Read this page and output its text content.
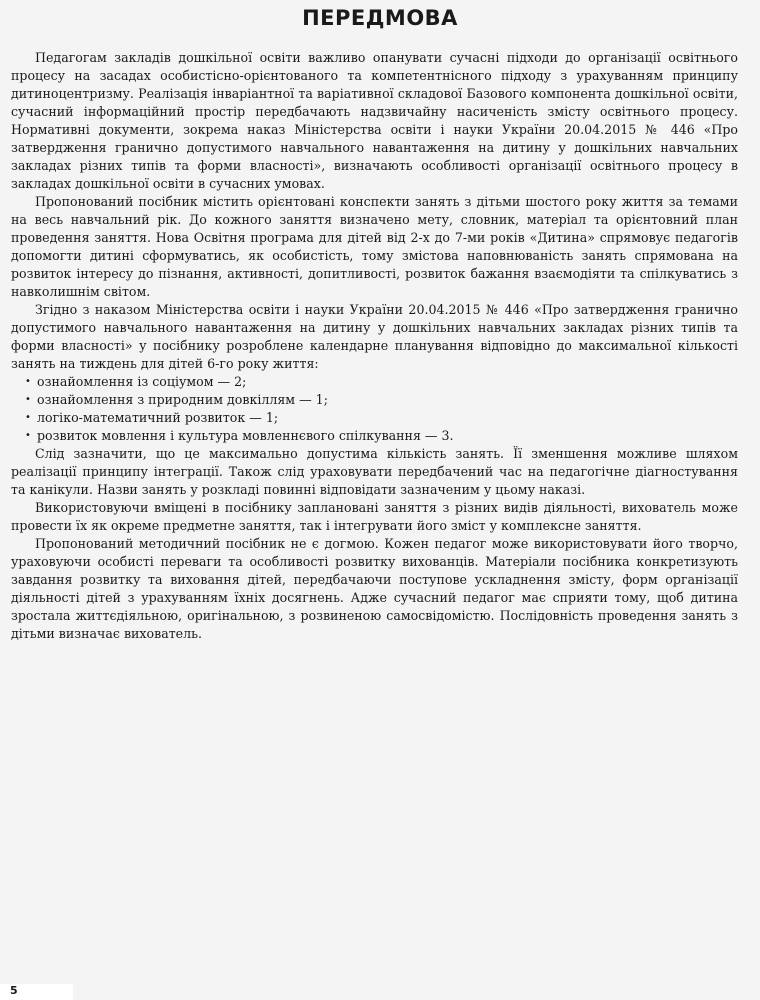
ПЕРЕДМОВА

Педагогам закладів дошкільної освіти важливо опанувати сучасні підходи до організації освітнього процесу на засадах особистісно-орієнтованого та компетентнісного підходу з урахуванням принципу дитиноцентризму. Реалізація інваріантної та варіативної складової Базового компонента дошкільної освіти, сучасний інформаційний простір передбачають надзвичайну насиченість змісту освітнього процесу. Нормативні документи, зокрема наказ Міністерства освіти і науки України 20.04.2015 № 446 «Про затвердження гранично допустимого навчального навантаження на дитину у дошкільних навчальних закладах різних типів та форми власності», визначають особливості організації освітнього процесу в закладах дошкільної освіти в сучасних умовах.

Пропонований посібник містить орієнтовані конспекти занять з дітьми шостого року життя за темами на весь навчальний рік. До кожного заняття визначено мету, словник, матеріал та орієнтовний план проведення заняття. Нова Освітня програма для дітей від 2-х до 7-ми років «Дитина» спрямовує педагогів допомогти дитині сформуватись, як особистість, тому змістова наповнюваність занять спрямована на розвиток інтересу до пізнання, активності, допитливості, розвиток бажання взаємодіяти та спілкуватись з навколишнім світом.

Згідно з наказом Міністерства освіти і науки України 20.04.2015 № 446 «Про затвердження гранично допустимого навчального навантаження на дитину у дошкільних навчальних закладах різних типів та форми власності» у посібнику розроблене календарне планування відповідно до максимальної кількості занять на тиждень для дітей 6-го року життя:

• ознайомлення із соціумом — 2;
• ознайомлення з природним довкіллям — 1;
• логіко-математичний розвиток — 1;
• розвиток мовлення і культура мовленнєвого спілкування — 3.

Слід зазначити, що це максимально допустима кількість занять. Її зменшення можливе шляхом реалізації принципу інтеграції. Також слід ураховувати передбачений час на педагогічне діагностування та канікули. Назви занять у розкладі повинні відповідати зазначеним у цьому наказі.

Використовуючи вміщені в посібнику заплановані заняття з різних видів діяльності, вихователь може провести їх як окреме предметне заняття, так і інтегрувати його зміст у комплексне заняття.

Пропонований методичний посібник не є догмою. Кожен педагог може використовувати його творчо, ураховуючи особисті переваги та особливості розвитку вихованців. Матеріали посібника конкретизують завдання розвитку та виховання дітей, передбачаючи поступове ускладнення змісту, форм організації діяльності дітей з урахуванням їхніх досягнень. Адже сучасний педагог має сприяти тому, щоб дитина зростала життєдіяльною, оригінальною, з розвиненою самосвідомістю. Послідовність проведення занять з дітьми визначає вихователь.

5
